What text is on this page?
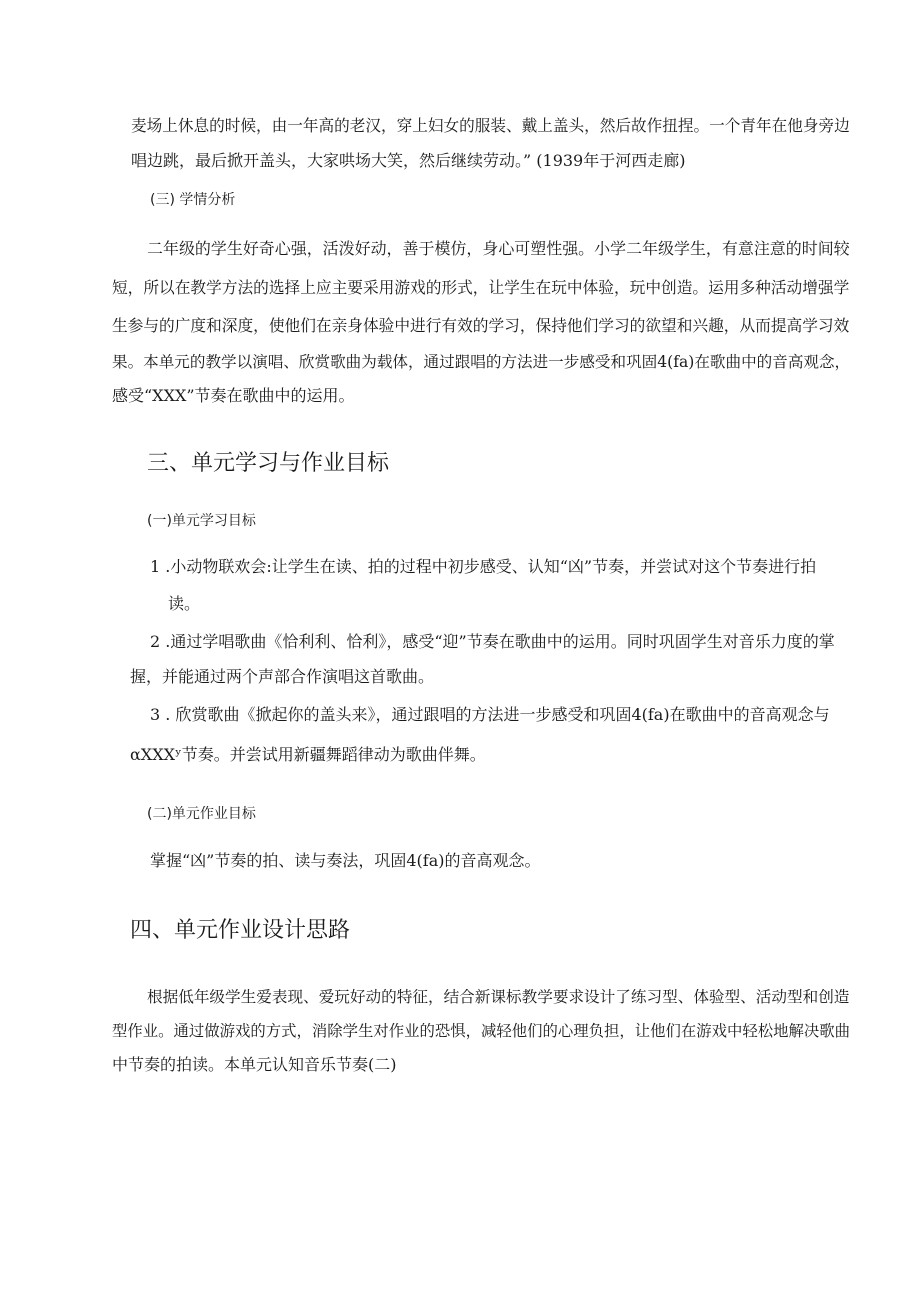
麦场上休息的时候，由一年高的老汉，穿上妇女的服装、戴上盖头，然后故作扭捏。一个青年在他身旁边
唱边跳，最后掀开盖头，大家哄场大笑，然后继续劳动。” (1939年于河西走廊)
(三) 学情分析
二年级的学生好奇心强，活泼好动，善于模仿，身心可塑性强。小学二年级学生，有意注意的时间较
短，所以在教学方法的选择上应主要采用游戏的形式，让学生在玩中体验，玩中创造。运用多种活动增强学
生参与的广度和深度，使他们在亲身体验中进行有效的学习，保持他们学习的欲望和兴趣，从而提高学习效
果。本单元的教学以演唱、欣赏歌曲为载体，通过跟唱的方法进一步感受和巩固4(fa)在歌曲中的音高观念，
感受“XXX”节奏在歌曲中的运用。
三、单元学习与作业目标
(一)单元学习目标
1 .小动物联欢会:让学生在读、拍的过程中初步感受、认知“凶”节奏，并尝试对这个节奏进行拍
读。
2 .通过学唱歌曲《恰利利、恰利》，感受“迎”节奏在歌曲中的运用。同时巩固学生对音乐力度的掌
握，并能通过两个声部合作演唱这首歌曲。
3 . 欣赏歌曲《掀起你的盖头来》，通过跟唱的方法进一步感受和巩固4(fa)在歌曲中的音高观念与
αXXXʸ节奏。并尝试用新疆舞蹈律动为歌曲伴舞。
(二)单元作业目标
掌握“凶”节奏的拍、读与奏法，巩固4(fa)的音高观念。
四、单元作业设计思路
根据低年级学生爱表现、爱玩好动的特征，结合新课标教学要求设计了练习型、体验型、活动型和创造
型作业。通过做游戏的方式，消除学生对作业的恐惧，减轻他们的心理负担，让他们在游戏中轻松地解决歌曲
中节奏的拍读。本单元认知音乐节奏(二)
